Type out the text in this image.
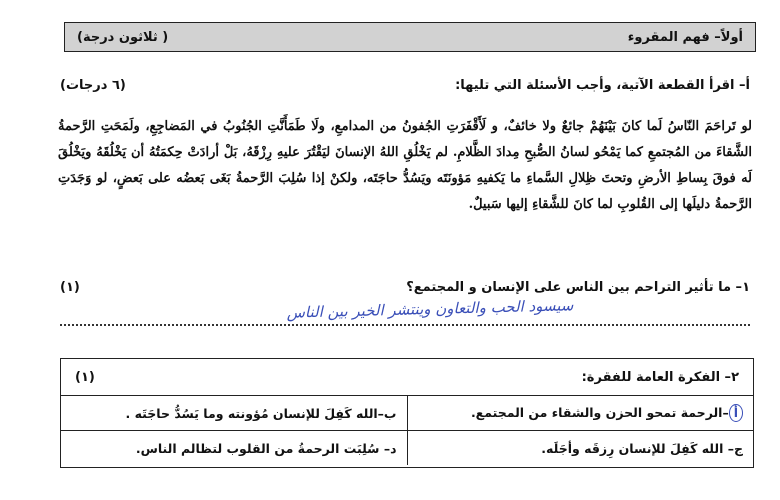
أولاً– فهم المقروء
( ثلاثون درجة)
أ– اقرأ القطعة الآتية، وأجب الأسئلة التي تليها:
(٦ درجات)
لو تَراحَمَ النّاسُ لَما كانَ بَيْنَهُمْ جائعٌ ولا خائفٌ، و لَأَقْفَرَتِ الجُفونُ من المدامعِ، ولَا طَمَأَنَّتِ الجُنُوبُ في المَضاجِعِ، ولَمَحَتِ الرَّحمةُ الشَّقاءَ من المُجتمعِ كما يَمْحُو لسانُ الصُّبحِ مِدادَ الظَّلامِ. لم يَخْلُقِ اللهُ الإنسانَ ليَقْتُرَ عليهِ رِزْقَهُ، بَلْ أرادَتْ حِكمَتُهُ أن يَخْلُقَهُ ويَخْلُقَ لَه فوقَ بِساطِ الأرضِ وتحتَ ظِلالِ السَّماءِ ما يَكفيهِ مَؤونَتَه ويَسُدُّ حاجَتَه، ولكنْ إذا سُلِبَ الرَّحمةُ بَغَى بَعضُه على بَعضٍ، لو وَجَدَتِ الرَّحمةُ دليلَها إلى القُلوبِ لما كانَ للشَّقاءِ إليها سَبيلٌ.
١– ما تأثير التراحم بين الناس على الإنسان و المجتمع؟
(١)
سيسود الحب والتعاون وينتشر الخير بين الناس
٢– الفكرة العامة للفقرة:
(١)
أ–الرحمة تمحو الحزن والشقاء من المجتمع.	ب–الله كَفِلَ للإنسان مُؤونته وما يَسُدُّ حاجَتَه .
ج– الله كَفِلَ للإنسان رِزقَه وأجَلَه.	د– سُلِبَت الرحمةُ من القلوب لتظالم الناس.
